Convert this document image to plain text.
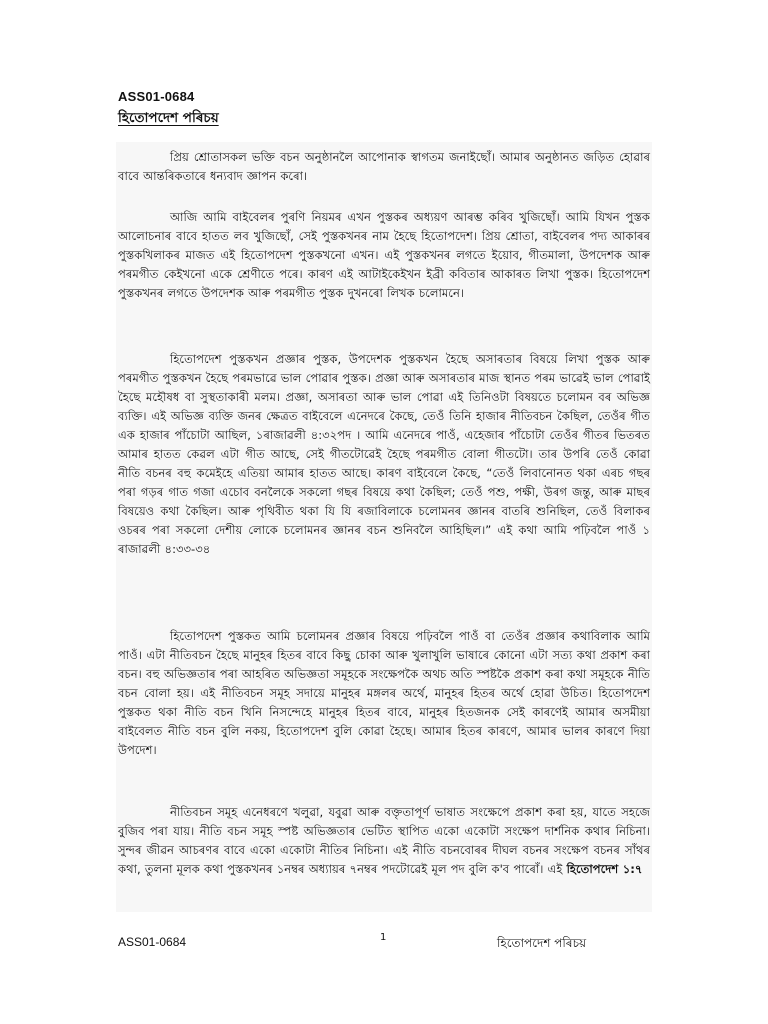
ASS01-0684
হিতোপদেশ পৰিচয়

প্ৰিয় শ্ৰোতাসকল ভক্তি বচন অনুষ্ঠানলৈ আপোনাক স্বাগতম জনাইছোঁ। আমাৰ অনুষ্ঠানত জড়িত হোৱাৰ বাবে আন্তৰিকতাৰে ধন্যবাদ জ্ঞাপন কৰো।

আজি আমি বাইবেলৰ পুৰণি নিয়মৰ এখন পুস্তকৰ অধ্যয়ণ আৰম্ভ কৰিব খুজিছোঁ। আমি যিখন পুস্তক আলোচনাৰ বাবে হাতত লব খুজিছোঁ, সেই পুস্তকখনৰ নাম হৈছে হিতোপদেশ। প্ৰিয় শ্ৰোতা, বাইবেলৰ পদ্য আকাৰৰ পুস্তকখিলাকৰ মাজত এই হিতোপদেশ পুস্তকখনো এখন। এই পুস্তকখনৰ লগতে ইয়োব, গীতমালা, উপদেশক আৰু পৰমগীত কেইখনো একে শ্ৰেণীতে পৰে। কাৰণ এই আটাইকেইখন ইব্ৰী কবিতাৰ আকাৰত লিখা পুস্তক। হিতোপদেশ পুস্তকখনৰ লগতে উপদেশক আৰু পৰমগীত পুস্তক দুখনৰো লিখক চলোমনে।

হিতোপদেশ পুস্তকখন প্ৰজ্ঞাৰ পুস্তক, উপদেশক পুস্তকখন হৈছে অসাৰতাৰ বিষয়ে লিখা পুস্তক আৰু পৰমগীত পুস্তকখন হৈছে পৰমভাৱে ভাল পোৱাৰ পুস্তক। প্ৰজ্ঞা আৰু অসাৰতাৰ মাজ স্থানত পৰম ভাৱেই ভাল পোৱাই হৈছে মহৌষধ বা সুস্থতাকাৰী মলম। প্ৰজ্ঞা, অসাৰতা আৰু ভাল পোৱা এই তিনিওটা বিষয়তে চলোমন বৰ অভিজ্ঞ ব্যক্তি। এই অভিজ্ঞ ব্যক্তি জনৰ ক্ষেত্ৰত বাইবেলে এনেদৰে কৈছে, তেওঁ তিনি হাজাৰ নীতিবচন কৈছিল, তেওঁৰ গীত এক হাজাৰ পাঁচোটা আছিল, ১ৰাজাৱলী ৪:৩২পদ । আমি এনেদৰে পাওঁ, এহেজাৰ পাঁচোটা তেওঁৰ গীতৰ ভিতৰত আমাৰ হাতত কেৱল এটা গীত আছে, সেই গীতটোৱেই হৈছে পৰমগীত বোলা গীতটো। তাৰ উপৰি তেওঁ কোৱা নীতি বচনৰ বহু কমেইহে এতিয়া আমাৰ হাতত আছে। কাৰণ বাইবেলে কৈছে, “তেওঁ লিবানোনত থকা এৰচ গছৰ পৰা গড়ৰ গাত গজা এচোব বনলৈকে সকলো গছৰ বিষয়ে কথা কৈছিল; তেওঁ পশু, পক্ষী, উৰগ জন্তু, আৰু মাছৰ বিষয়েও কথা কৈছিল। আৰু পৃথিবীত থকা যি যি ৰজাবিলাকে চলোমনৰ জ্ঞানৰ বাতৰি শুনিছিল, তেওঁ বিলাকৰ ওচৰৰ পৰা সকলো দেশীয় লোকে চলোমনৰ জ্ঞানৰ বচন শুনিবলৈ আহিছিল।” এই কথা আমি পঢ়িবলৈ পাওঁ ১ ৰাজাৱলী ৪:৩৩-৩৪

হিতোপদেশ পুস্তকত আমি চলোমনৰ প্ৰজ্ঞাৰ বিষয়ে পঢ়িবলৈ পাওঁ বা তেওঁৰ প্ৰজ্ঞাৰ কথাবিলাক আমি পাওঁ। এটা নীতিবচন হৈছে মানুহৰ হিতৰ বাবে কিছু চোকা আৰু খুলাখুলি ভাষাৰে কোনো এটা সত্য কথা প্ৰকাশ কৰা বচন। বহু অভিজ্ঞতাৰ পৰা আহৰিত অভিজ্ঞতা সমূহকে সংক্ষেপকৈ অথচ অতি স্পষ্টকৈ প্ৰকাশ কৰা কথা সমূহকে নীতি বচন বোলা হয়। এই নীতিবচন সমূহ সদায়ে মানুহৰ মঙ্গলৰ অৰ্থে, মানুহৰ হিতৰ অৰ্থে হোৱা উচিত। হিতোপদেশ পুস্তকত থকা নীতি বচন খিনি নিসন্দেহে মানুহৰ হিতৰ বাবে, মানুহৰ হিতজনক সেই কাৰণেই আমাৰ অসমীয়া বাইবেলত নীতি বচন বুলি নকয়, হিতোপদেশ বুলি কোৱা হৈছে। আমাৰ হিতৰ কাৰণে, আমাৰ ভালৰ কাৰণে দিয়া উপদেশ।

নীতিবচন সমূহ এনেধৰণে খলুৱা, যবুৱা আৰু বক্তৃতাপূৰ্ণ ভাষাত সংক্ষেপে প্ৰকাশ কৰা হয়, যাতে সহজে বুজিব পৰা যায়। নীতি বচন সমূহ স্পষ্ট অভিজ্ঞতাৰ ভেটিত স্থাপিত একো একোটা সংক্ষেপ দাৰ্শনিক কথাৰ নিচিনা। সুন্দৰ জীৱন আচৰণৰ বাবে একো একোটা নীতিৰ নিচিনা। এই নীতি বচনবোৰৰ দীঘল বচনৰ সংক্ষেপ বচনৰ সাঁথৰ কথা, তুলনা মূলক কথা পুস্তকখনৰ ১নম্বৰ অধ্যায়ৰ ৭নম্বৰ পদটোৱেই মূল পদ বুলি ক'ব পাৰোঁ। এই হিতোপদেশ ১:৭

ASS01-0684	1	হিতোপদেশ পৰিচয়
